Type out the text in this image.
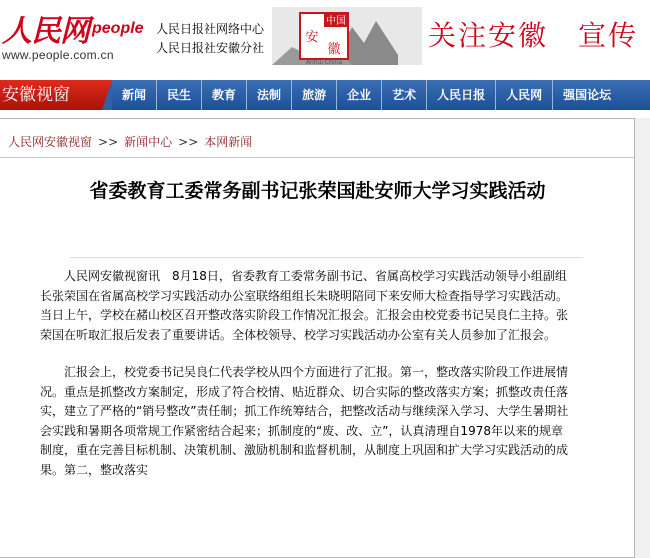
人民网 people
www.people.com.cn
人民日报社网络中心
人民日报社安徽分社
中国
安
徽
Anhui China
关注安徽 宣传
安徽视窗	新闻	民生	教育	法制	旅游	企业	艺术	人民日报	人民网	强国论坛
人民网安徽视窗 >> 新闻中心 >> 本网新闻
省委教育工委常务副书记张荣国赴安师大学习实践活动

人民网安徽视窗讯　8月18日，省委教育工委常务副书记、省属高校学习实践活动领导小组副组长张荣国在省属高校学习实践活动办公室联络组组长朱晓明陪同下来安师大检查指导学习实践活动。当日上午，学校在赭山校区召开整改落实阶段工作情况汇报会。汇报会由校党委书记吴良仁主持。张荣国在听取汇报后发表了重要讲话。全体校领导、校学习实践活动办公室有关人员参加了汇报会。

汇报会上，校党委书记吴良仁代表学校从四个方面进行了汇报。第一，整改落实阶段工作进展情况。重点是抓整改方案制定，形成了符合校情、贴近群众、切合实际的整改落实方案；抓整改责任落实，建立了严格的“销号整改”责任制；抓工作统筹结合，把整改活动与继续深入学习、大学生暑期社会实践和暑期各项常规工作紧密结合起来；抓制度的“废、改、立”，认真清理自1978年以来的规章制度，重在完善目标机制、决策机制、激励机制和监督机制，从制度上巩固和扩大学习实践活动的成果。第二，整改落实
